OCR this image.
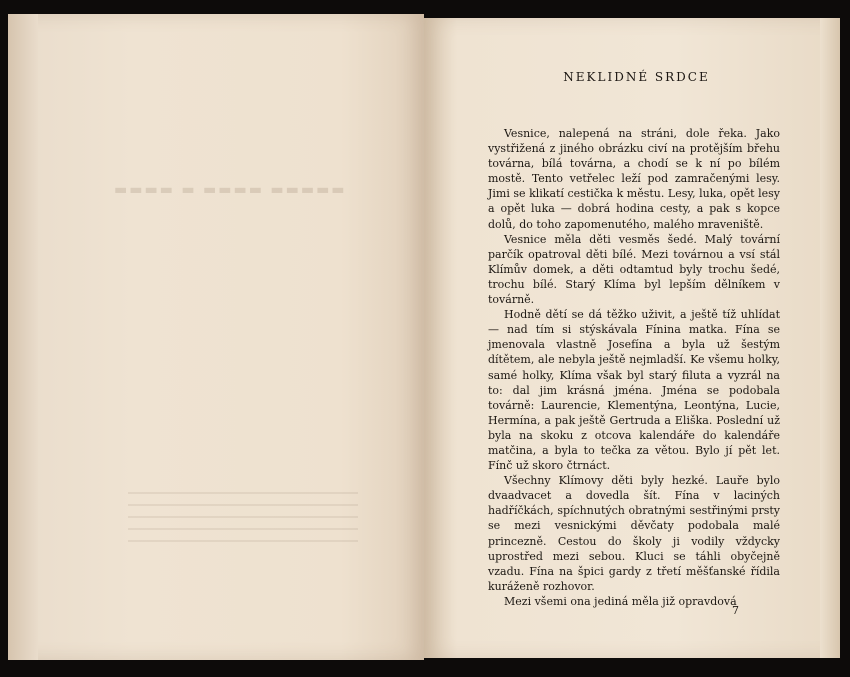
▬▬▬▬▬ ▬▬▬▬ ▬ ▬▬▬▬
NEKLIDNÉ SRDCE

Vesnice, nalepená na stráni, dole řeka. Jako vystřižená z jiného obrázku civí na protějším břehu továrna, bílá továrna, a chodí se k ní po bílém mostě. Tento vetřelec leží pod zamračenými lesy. Jimi se klikatí cestička k městu. Lesy, luka, opět lesy a opět luka — dobrá hodina cesty, a pak s kopce dolů, do toho zapomenutého, malého mraveniště.

Vesnice měla děti vesměs šedé. Malý tovární parčík opatroval děti bílé. Mezi továrnou a vsí stál Klímův domek, a děti odtamtud byly trochu šedé, trochu bílé. Starý Klíma byl lepším dělníkem v továrně.

Hodně dětí se dá těžko uživit, a ještě tíž uhlídat — nad tím si stýskávala Fínina matka. Fína se jmenovala vlastně Josefína a byla už šestým dítětem, ale nebyla ještě nejmladší. Ke všemu holky, samé holky, Klíma však byl starý filuta a vyzrál na to: dal jim krásná jména. Jména se podobala továrně: Laurencie, Klementýna, Leontýna, Lucie, Hermína, a pak ještě Gertruda a Eliška. Poslední už byla na skoku z otcova kalendáře do kalendáře matčina, a byla to tečka za větou. Bylo jí pět let. Fínč už skoro čtrnáct.

Všechny Klímovy děti byly hezké. Lauře bylo dvaadvacet a dovedla šít. Fína v laciných hadříčkách, spíchnutých obratnými sestřinými prsty se mezi vesnickými děvčaty podobala malé princezně. Cestou do školy ji vodily vždycky uprostřed mezi sebou. Kluci se táhli obyčejně vzadu. Fína na špici gardy z třetí měšťanské řídila kuráženě rozhovor.

Mezi všemi ona jediná měla již opravdová

7
